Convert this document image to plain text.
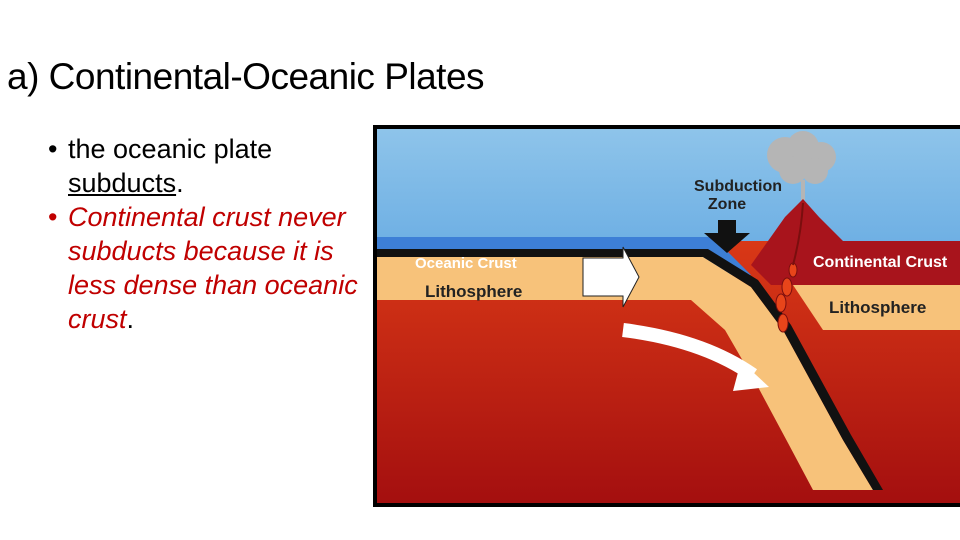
a) Continental-Oceanic Plates
• the oceanic plate
subducts.
• Continental crust never subducts because it is less dense than oceanic crust.
Subduction
Zone
Oceanic Crust
Lithosphere
Continental Crust
Lithosphere
